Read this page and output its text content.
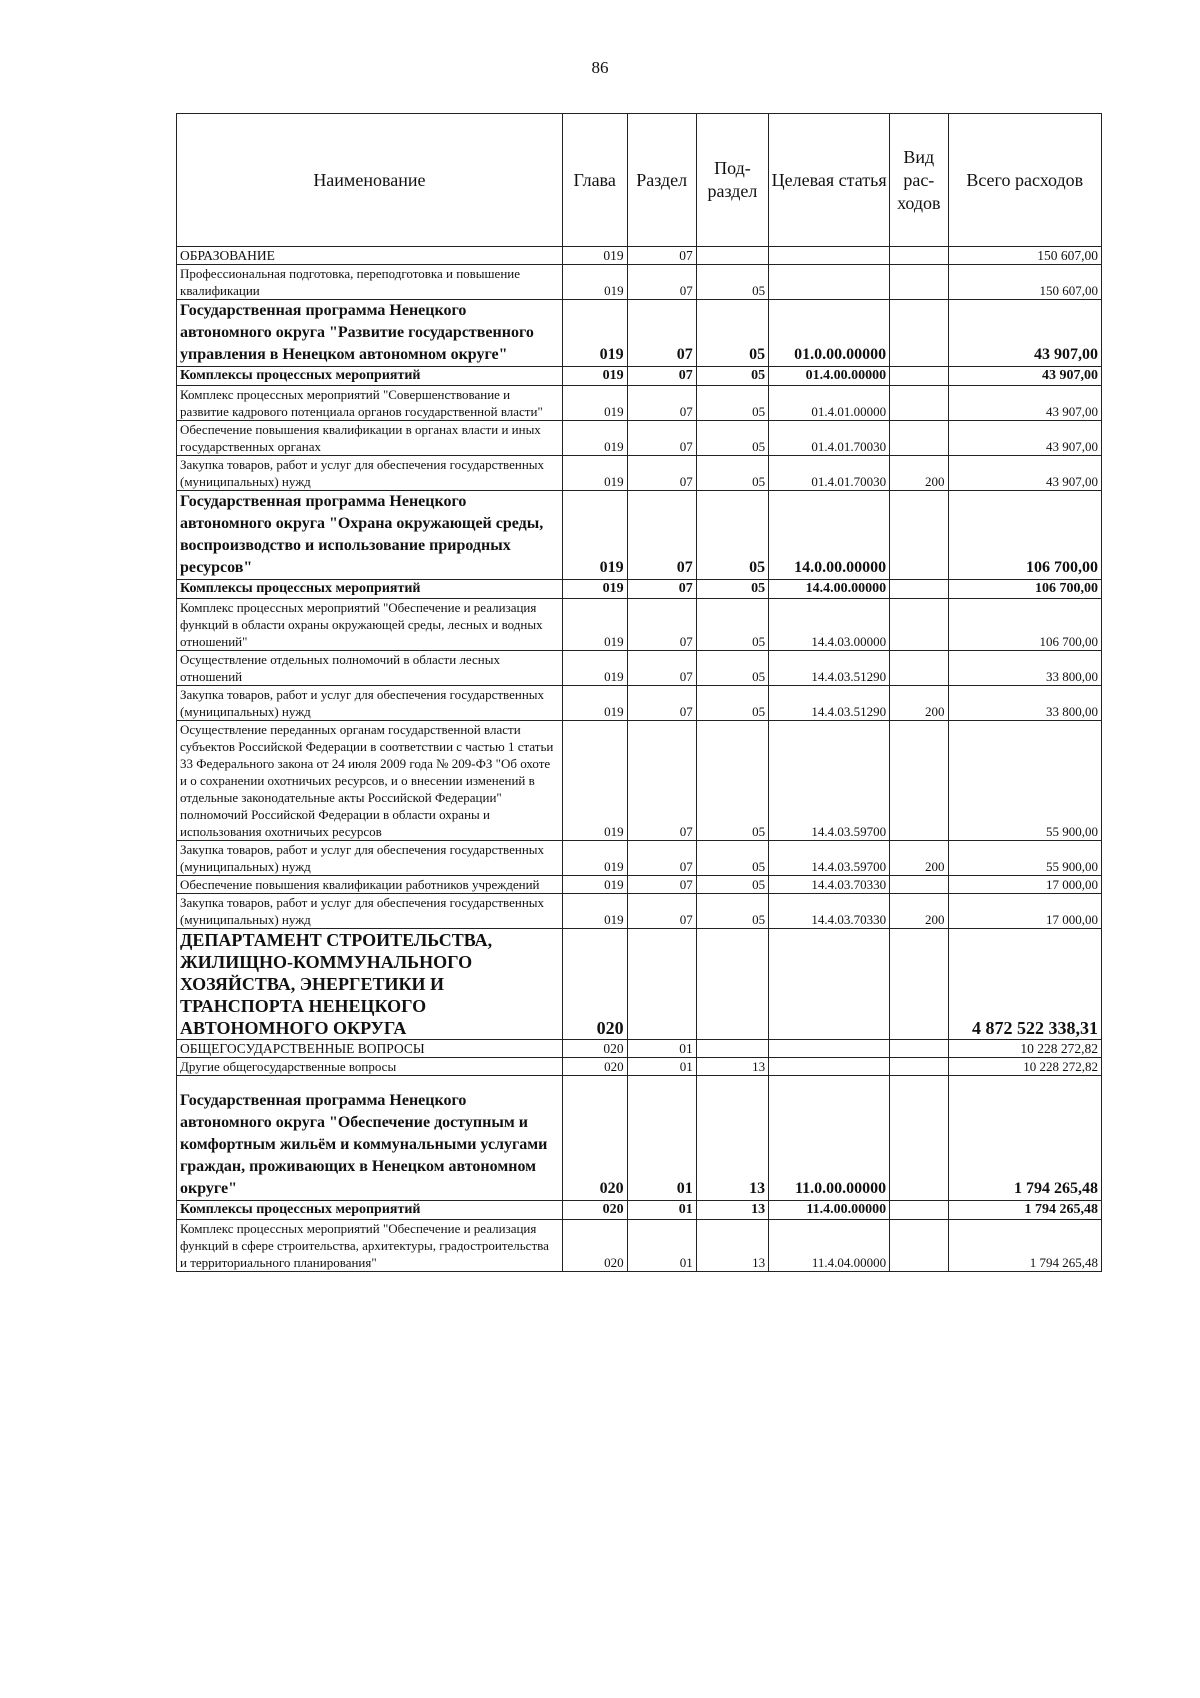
86
Наименование	Глава	Раздел	Под-раздел	Целевая статья	Вид рас-ходов	Всего расходов
ОБРАЗОВАНИЕ	019	07				150 607,00
Профессиональная подготовка, переподготовка и повышение квалификации	019	07	05			150 607,00
Государственная программа Ненецкого автономного округа "Развитие государственного управления в Ненецком автономном округе"	019	07	05	01.0.00.00000		43 907,00
Комплексы процессных мероприятий	019	07	05	01.4.00.00000		43 907,00
Комплекс процессных мероприятий "Совершенствование и развитие кадрового потенциала органов государственной власти"	019	07	05	01.4.01.00000		43 907,00
Обеспечение повышения квалификации в органах власти и иных государственных органах	019	07	05	01.4.01.70030		43 907,00
Закупка товаров, работ и услуг для обеспечения государственных (муниципальных) нужд	019	07	05	01.4.01.70030	200	43 907,00
Государственная программа Ненецкого автономного округа "Охрана окружающей среды, воспроизводство и использование природных ресурсов"	019	07	05	14.0.00.00000		106 700,00
Комплексы процессных мероприятий	019	07	05	14.4.00.00000		106 700,00
Комплекс процессных мероприятий "Обеспечение и реализация функций в области охраны окружающей среды, лесных и водных отношений"	019	07	05	14.4.03.00000		106 700,00
Осуществление отдельных полномочий в области лесных отношений	019	07	05	14.4.03.51290		33 800,00
Закупка товаров, работ и услуг для обеспечения государственных (муниципальных) нужд	019	07	05	14.4.03.51290	200	33 800,00
Осуществление переданных органам государственной власти субъектов Российской Федерации в соответствии с частью 1 статьи 33 Федерального закона от 24 июля 2009 года № 209-ФЗ "Об охоте и о сохранении охотничьих ресурсов, и о внесении изменений в отдельные законодательные акты Российской Федерации" полномочий Российской Федерации в области охраны и использования охотничьих ресурсов	019	07	05	14.4.03.59700		55 900,00
Закупка товаров, работ и услуг для обеспечения государственных (муниципальных) нужд	019	07	05	14.4.03.59700	200	55 900,00
Обеспечение повышения квалификации работников учреждений	019	07	05	14.4.03.70330		17 000,00
Закупка товаров, работ и услуг для обеспечения государственных (муниципальных) нужд	019	07	05	14.4.03.70330	200	17 000,00
ДЕПАРТАМЕНТ СТРОИТЕЛЬСТВА, ЖИЛИЩНО-КОММУНАЛЬНОГО ХОЗЯЙСТВА, ЭНЕРГЕТИКИ И ТРАНСПОРТА НЕНЕЦКОГО АВТОНОМНОГО ОКРУГА	020					4 872 522 338,31
ОБЩЕГОСУДАРСТВЕННЫЕ ВОПРОСЫ	020	01				10 228 272,82
Другие общегосударственные вопросы	020	01	13			10 228 272,82
Государственная программа Ненецкого автономного округа "Обеспечение доступным и комфортным жильём и коммунальными услугами граждан, проживающих в Ненецком автономном округе"	020	01	13	11.0.00.00000		1 794 265,48
Комплексы процессных мероприятий	020	01	13	11.4.00.00000		1 794 265,48
Комплекс процессных мероприятий "Обеспечение и реализация функций в сфере строительства, архитектуры, градостроительства и территориального планирования"	020	01	13	11.4.04.00000		1 794 265,48
